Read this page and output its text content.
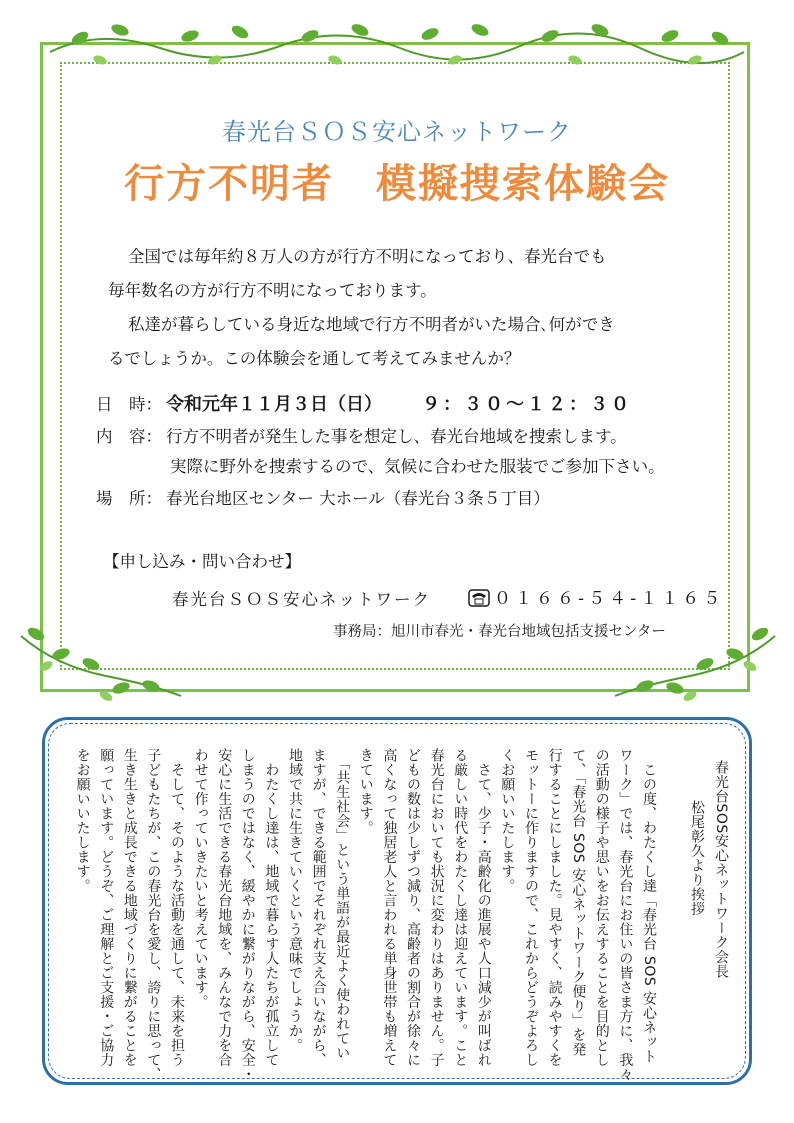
春光台ＳＯＳ安心ネットワーク
行方不明者　模擬捜索体験会

全国では毎年約８万人の方が行方不明になっており、春光台でも

毎年数名の方が行方不明になっております。

私達が暮らしている身近な地域で行方不明者がいた場合､何ができ

るでしょうか。この体験会を通して考えてみませんか？

日　時： 令和元年１１月３日（日） ９：３０～１２：３０
内　容： 行方不明者が発生した事を想定し、春光台地域を捜索します。
実際に野外を捜索するので、気候に合わせた服装でご参加下さい。
場　所： 春光台地区センター 大ホール（春光台３条５丁目）
【申し込み・問い合わせ】
春光台ＳＯＳ安心ネットワーク	０１６６-５４-１１６５
事務局：旭川市春光・春光台地域包括支援センター
春光台SOS安心ネットワーク会長
松尾彰久より挨拶
　この度、わたくし達「春光台 SOS 安心ネット
ワーク」では、春光台にお住いの皆さま方に、我々
の活動の様子や思いをお伝えすることを目的とし
て、「春光台 SOS 安心ネットワーク便り」を発
行することにしました。見やすく、読みやすくを
モットーに作りますので、これからどうぞよろし
くお願いいたします。
　さて、少子・高齢化の進展や人口減少が叫ばれ
る厳しい時代をわたくし達は迎えています。こと
春光台においても状況に変わりはありません。子
どもの数は少しずつ減り、高齢者の割合が徐々に
高くなって独居老人と言われる単身世帯も増えて
きています。
　「共生社会」という単語が最近よく使われてい
ますが、できる範囲でそれぞれ支え合いながら、
地域で共に生きていくという意味でしょうか。
　わたくし達は、地域で暮らす人たちが孤立して
しまうのではなく、緩やかに繋がりながら、安全・
安心に生活できる春光台地域を、みんなで力を合
わせて作っていきたいと考えています。
　そして、そのような活動を通して、未来を担う
子どもたちが、この春光台を愛し、誇りに思って、
生き生きと成長できる地域づくりに繋がることを
願っています。どうぞ、ご理解とご支援・ご協力
をお願いいたします。
